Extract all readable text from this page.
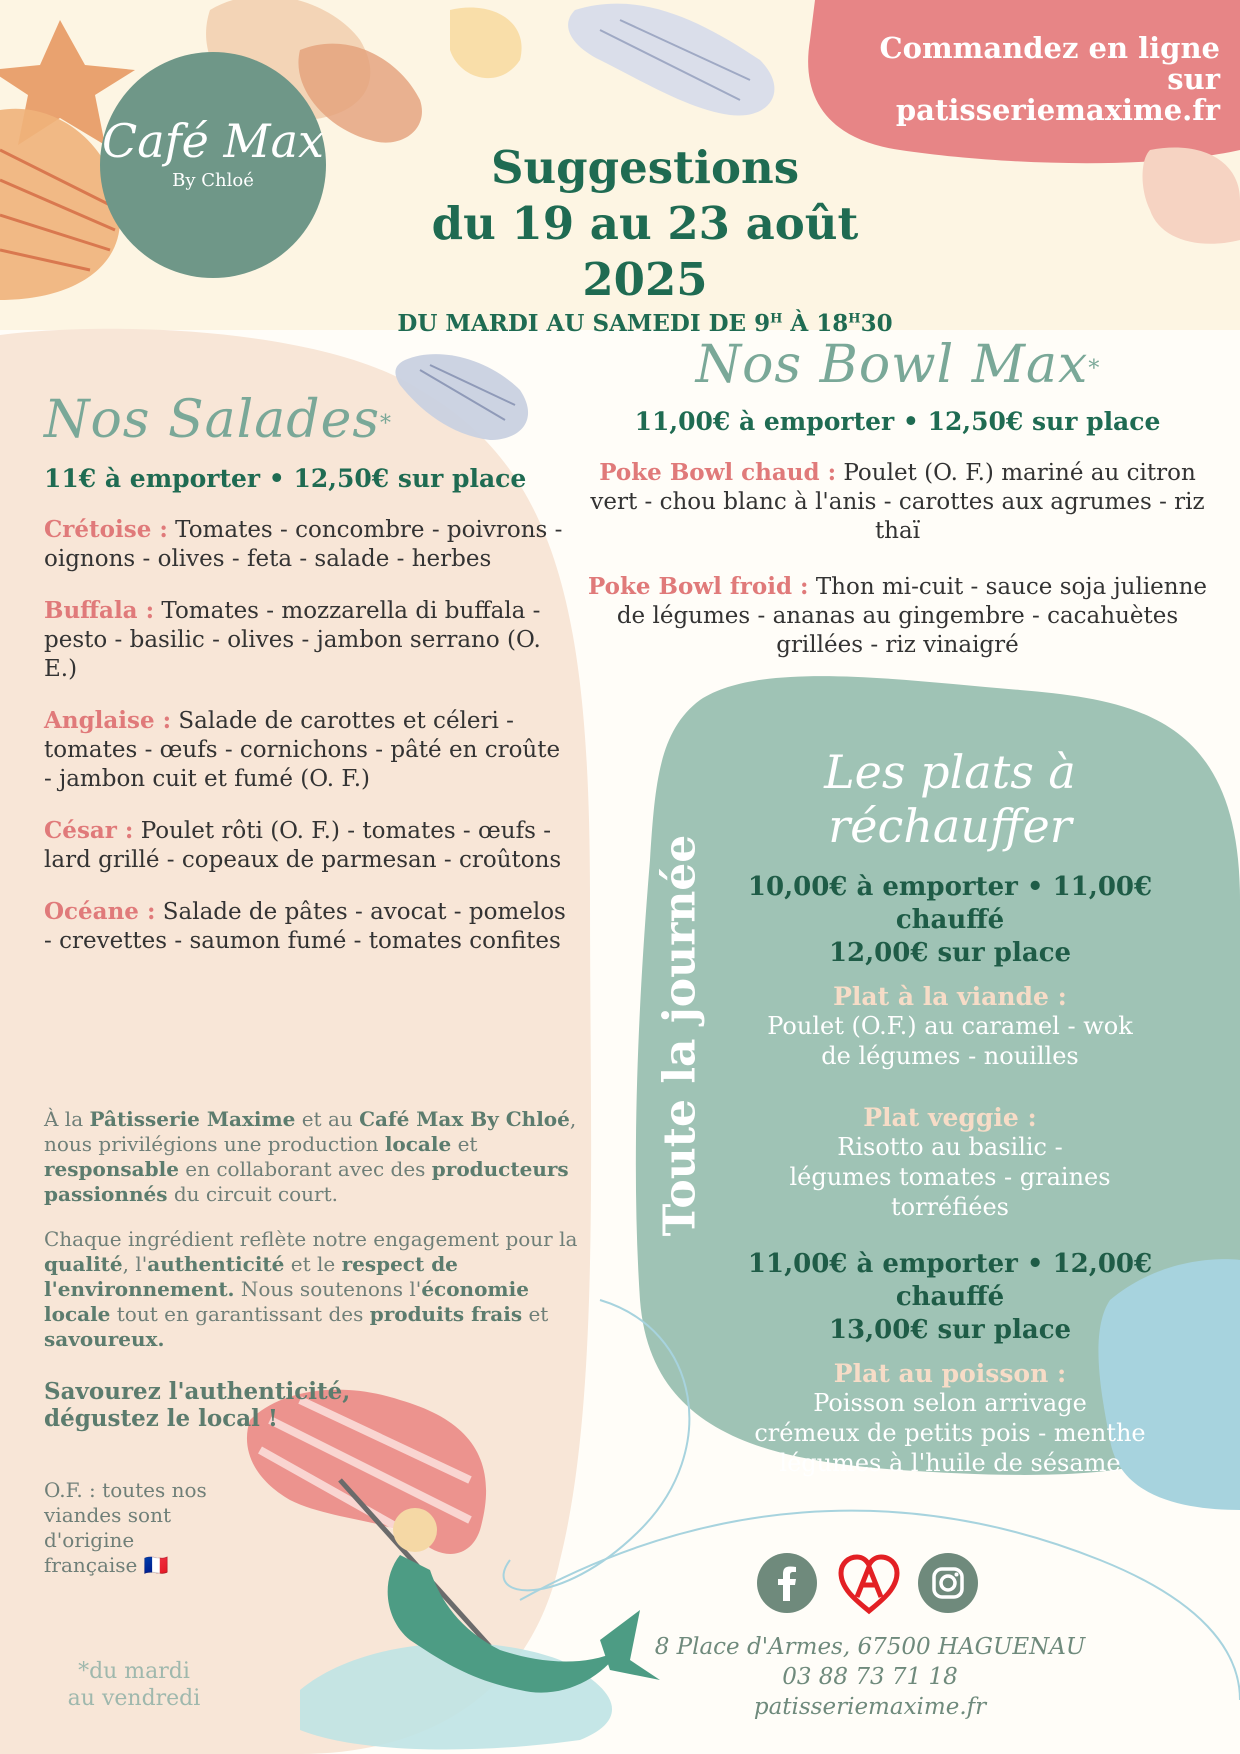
Commandez en ligne sur
patisseriemaxime.fr
Café Max
By Chloé	Suggestions
du 19 au 23 août 2025
DU MARDI AU SAMEDI DE $9^H$ À $18^H30$
Nos Salades*
11€ à emporter • 12,50€ sur place
Crétoise : Tomates - concombre - poivrons - oignons - olives - feta - salade - herbes
Buffala : Tomates - mozzarella di buffala - pesto - basilic - olives - jambon serrano (O. E.)
Anglaise : Salade de carottes et céleri - tomates - œufs - cornichons - pâté en croûte - jambon cuit et fumé (O. F.)
César : Poulet rôti (O. F.) - tomates - œufs - lard grillé - copeaux de parmesan - croûtons
Océane : Salade de pâtes - avocat - pomelos - crevettes - saumon fumé - tomates confites
Nos Bowl Max*
11,00€ à emporter • 12,50€ sur place
Poke Bowl chaud : Poulet (O. F.) mariné au citron vert - chou blanc à l'anis - carottes aux agrumes - riz thaï
Poke Bowl froid : Thon mi-cuit - sauce soja julienne de légumes - ananas au gingembre - cacahuètes grillées - riz vinaigré
Toute la journée
Les plats à réchauffer
10,00€ à emporter • 11,00€ chauffé
12,00€ sur place
Plat à la viande :
Poulet (O.F.) au caramel - wok de légumes - nouilles
Plat veggie :
Risotto au basilic - légumes tomates - graines torréfiées
11,00€ à emporter • 12,00€ chauffé
13,00€ sur place
Plat au poisson :
Poisson selon arrivage
crémeux de petits pois - menthe
légumes à l'huile de sésame
À la Pâtisserie Maxime et au Café Max By Chloé, nous privilégions une production locale et responsable en collaborant avec des producteurs passionnés du circuit court.
Chaque ingrédient reflète notre engagement pour la qualité, l'authenticité et le respect de l'environnement. Nous soutenons l'économie locale tout en garantissant des produits frais et savoureux.
Savourez l'authenticité,
dégustez le local !
O.F. : toutes nos viandes sont d'origine française 🇫🇷
*du mardi
au vendredi
8 Place d'Armes, 67500 HAGUENAU
03 88 73 71 18
patisseriemaxime.fr
